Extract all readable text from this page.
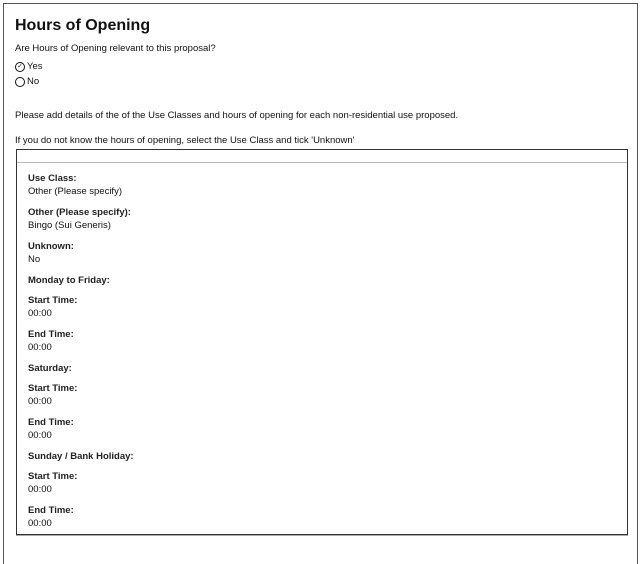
Hours of Opening
Are Hours of Opening relevant to this proposal?
✓ Yes
No
Please add details of the of the Use Classes and hours of opening for each non-residential use proposed.
If you do not know the hours of opening, select the Use Class and tick 'Unknown'
Use Class:
Other (Please specify)
Other (Please specify):
Bingo (Sui Generis)
Unknown:
No
Monday to Friday:
Start Time:
00:00
End Time:
00:00
Saturday:
Start Time:
00:00
End Time:
00:00
Sunday / Bank Holiday:
Start Time:
00:00
End Time:
00:00
